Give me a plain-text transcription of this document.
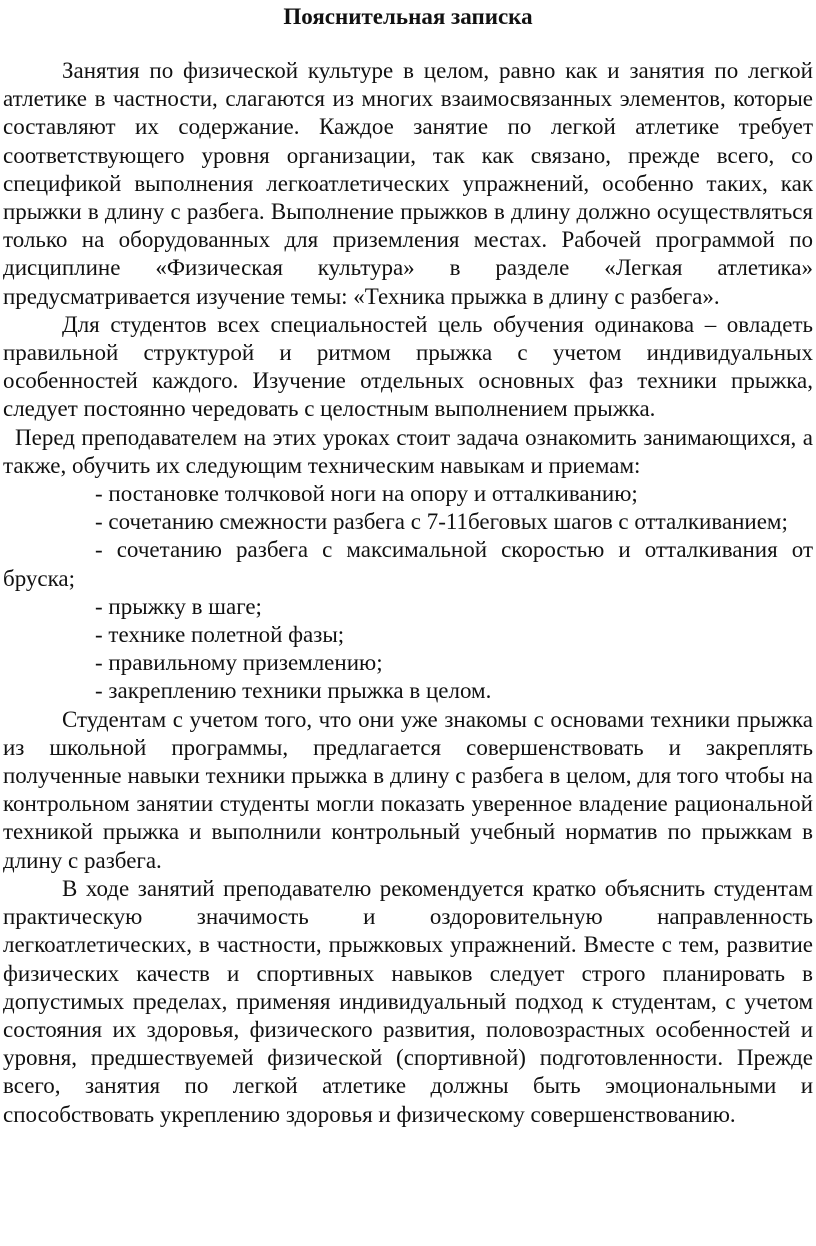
Пояснительная записка

Занятия по физической культуре в целом, равно как и занятия по легкой атлетике в частности, слагаются из многих взаимосвязанных элементов, которые составляют их содержание. Каждое занятие по легкой атлетике требует соответствующего уровня организации, так как связано, прежде всего, со спецификой выполнения легкоатлетических упражнений, особенно таких, как прыжки в длину с разбега. Выполнение прыжков в длину должно осуществляться только на оборудованных для приземления местах. Рабочей программой по дисциплине «Физическая культура» в разделе «Легкая атлетика» предусматривается изучение темы: «Техника прыжка в длину с разбега».

Для студентов всех специальностей цель обучения одинакова – овладеть правильной структурой и ритмом прыжка с учетом индивидуальных особенностей каждого. Изучение отдельных основных фаз техники прыжка, следует постоянно чередовать с целостным выполнением прыжка.

Перед преподавателем на этих уроках стоит задача ознакомить занимающихся, а также, обучить их следующим техническим навыкам и приемам:

- постановке толчковой ноги на опору и отталкиванию;

- сочетанию смежности разбега с 7-11беговых шагов с отталкиванием;

- сочетанию разбега с максимальной скоростью и отталкивания от бруска;

- прыжку в шаге;

- технике полетной фазы;

- правильному приземлению;

- закреплению техники прыжка в целом.

Студентам с учетом того, что они уже знакомы с основами техники прыжка из школьной программы, предлагается совершенствовать и закреплять полученные навыки техники прыжка в длину с разбега в целом, для того чтобы на контрольном занятии студенты могли показать уверенное владение рациональной техникой прыжка и выполнили контрольный учебный норматив по прыжкам в длину с разбега.

В ходе занятий преподавателю рекомендуется кратко объяснить студентам практическую значимость и оздоровительную направленность легкоатлетических, в частности, прыжковых упражнений. Вместе с тем, развитие физических качеств и спортивных навыков следует строго планировать в допустимых пределах, применяя индивидуальный подход к студентам, с учетом состояния их здоровья, физического развития, половозрастных особенностей и уровня, предшествуемей физической (спортивной) подготовленности. Прежде всего, занятия по легкой атлетике должны быть эмоциональными и способствовать укреплению здоровья и физическому совершенствованию.
